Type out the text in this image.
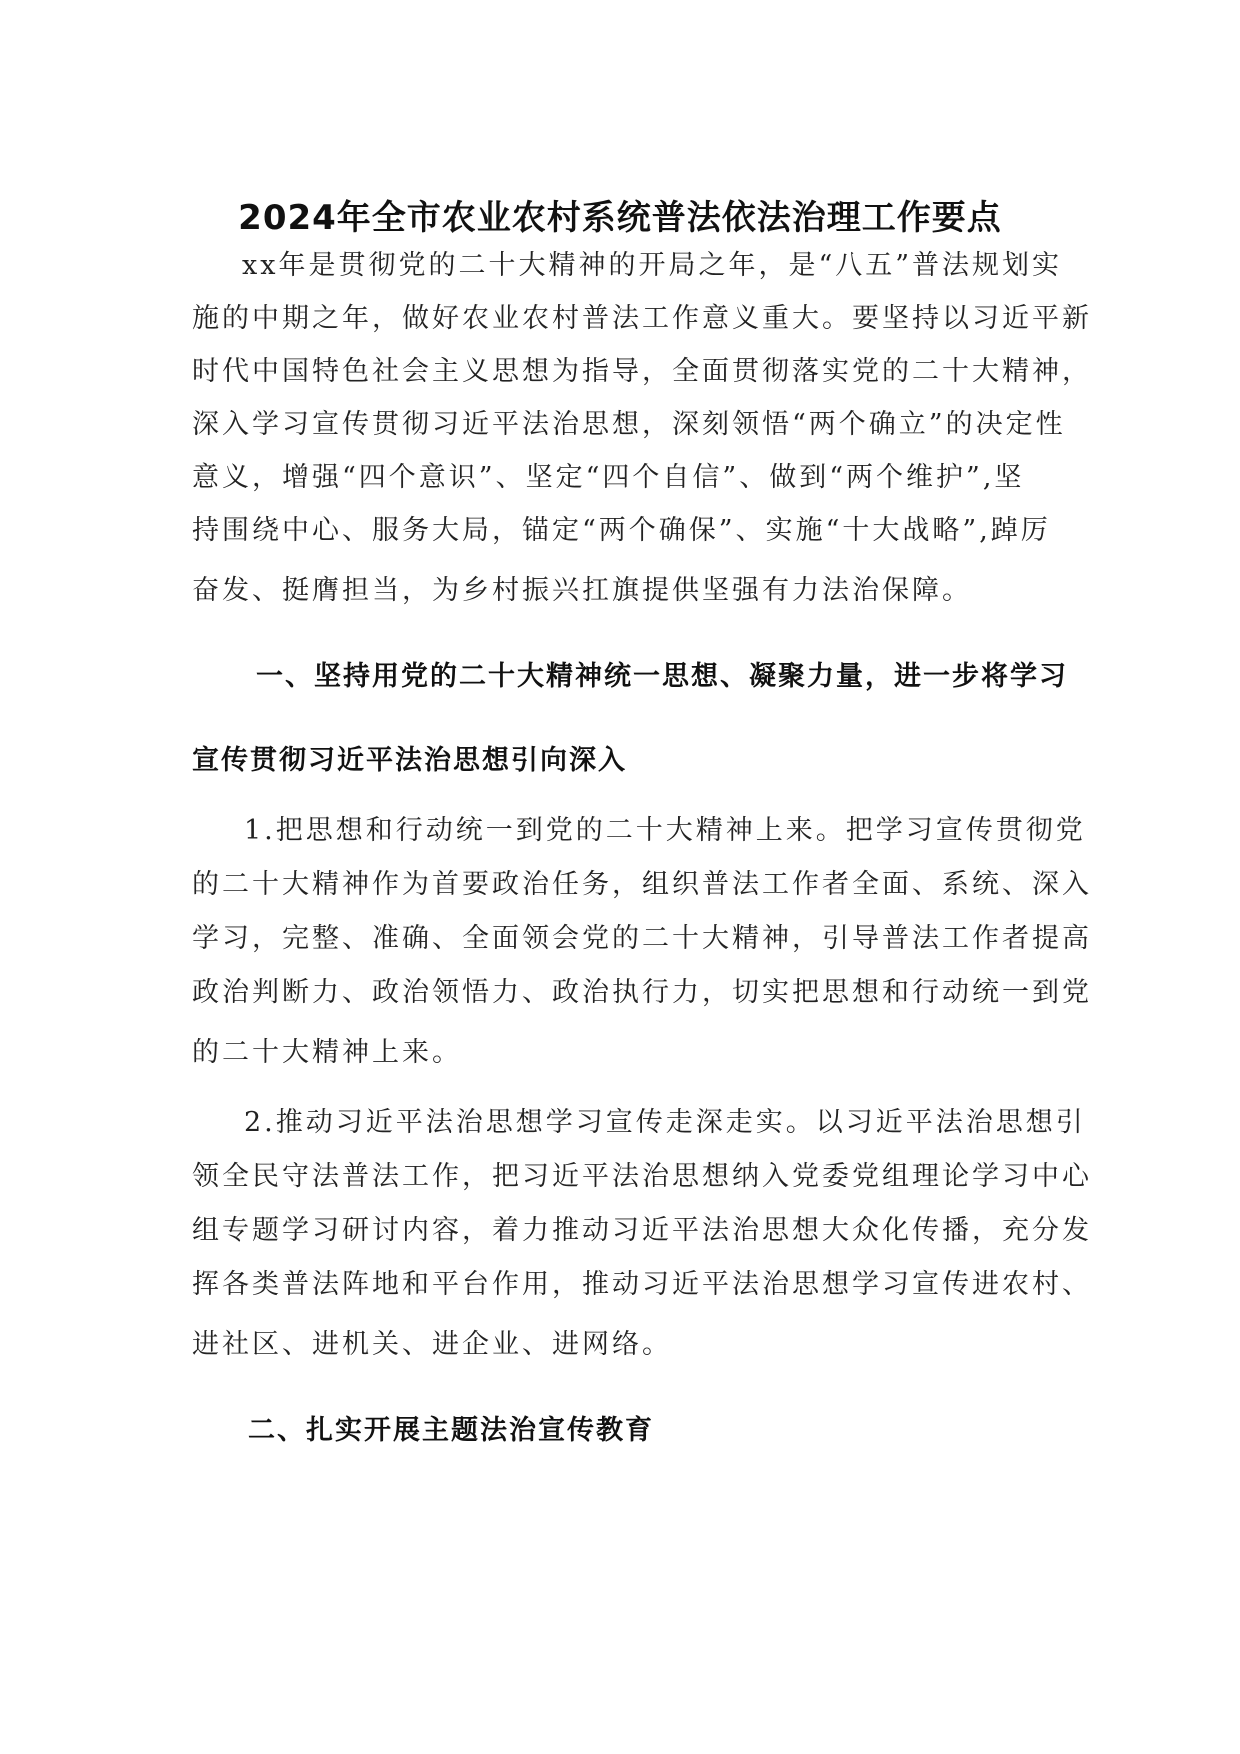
2024年全市农业农村系统普法依法治理工作要点
xx年是贯彻党的二十大精神的开局之年，是“八五”普法规划实
施的中期之年，做好农业农村普法工作意义重大。要坚持以习近平新
时代中国特色社会主义思想为指导，全面贯彻落实党的二十大精神，
深入学习宣传贯彻习近平法治思想，深刻领悟“两个确立”的决定性
意义，增强“四个意识”、坚定“四个自信”、做到“两个维护”,坚
持围绕中心、服务大局，锚定“两个确保”、实施“十大战略”,踔厉
奋发、挺膺担当，为乡村振兴扛旗提供坚强有力法治保障。
一、坚持用党的二十大精神统一思想、凝聚力量，进一步将学习
宣传贯彻习近平法治思想引向深入
1.把思想和行动统一到党的二十大精神上来。把学习宣传贯彻党
的二十大精神作为首要政治任务，组织普法工作者全面、系统、深入
学习，完整、准确、全面领会党的二十大精神，引导普法工作者提高
政治判断力、政治领悟力、政治执行力，切实把思想和行动统一到党
的二十大精神上来。
2.推动习近平法治思想学习宣传走深走实。以习近平法治思想引
领全民守法普法工作，把习近平法治思想纳入党委党组理论学习中心
组专题学习研讨内容，着力推动习近平法治思想大众化传播，充分发
挥各类普法阵地和平台作用，推动习近平法治思想学习宣传进农村、
进社区、进机关、进企业、进网络。
二、扎实开展主题法治宣传教育
